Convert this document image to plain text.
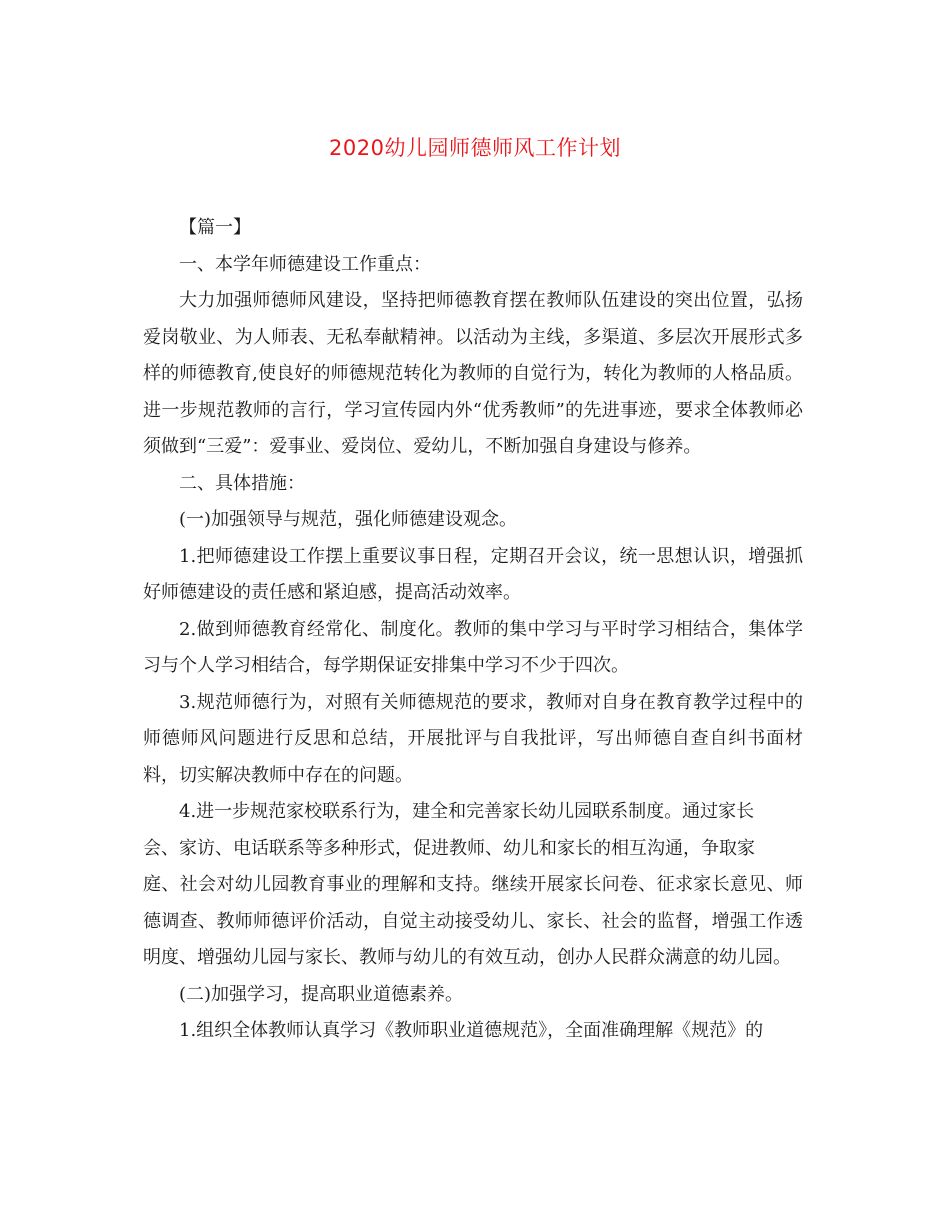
2020幼儿园师德师风工作计划

【篇一】

一、本学年师德建设工作重点：

大力加强师德师风建设，坚持把师德教育摆在教师队伍建设的突出位置，弘扬爱岗敬业、为人师表、无私奉献精神。以活动为主线，多渠道、多层次开展形式多样的师德教育,使良好的师德规范转化为教师的自觉行为，转化为教师的人格品质。进一步规范教师的言行，学习宣传园内外“优秀教师”的先进事迹，要求全体教师必须做到“三爱”：爱事业、爱岗位、爱幼儿，不断加强自身建设与修养。

二、具体措施：

(一)加强领导与规范，强化师德建设观念。

1.把师德建设工作摆上重要议事日程，定期召开会议，统一思想认识，增强抓好师德建设的责任感和紧迫感，提高活动效率。

2.做到师德教育经常化、制度化。教师的集中学习与平时学习相结合，集体学习与个人学习相结合，每学期保证安排集中学习不少于四次。

3.规范师德行为，对照有关师德规范的要求，教师对自身在教育教学过程中的师德师风问题进行反思和总结，开展批评与自我批评，写出师德自查自纠书面材料，切实解决教师中存在的问题。

4.进一步规范家校联系行为，建全和完善家长幼儿园联系制度。通过家长
会、家访、电话联系等多种形式，促进教师、幼儿和家长的相互沟通，争取家
庭、社会对幼儿园教育事业的理解和支持。继续开展家长问卷、征求家长意见、师德调查、教师师德评价活动，自觉主动接受幼儿、家长、社会的监督，增强工作透明度、增强幼儿园与家长、教师与幼儿的有效互动，创办人民群众满意的幼儿园。

(二)加强学习，提高职业道德素养。

1.组织全体教师认真学习《教师职业道德规范》，全面准确理解《规范》的
